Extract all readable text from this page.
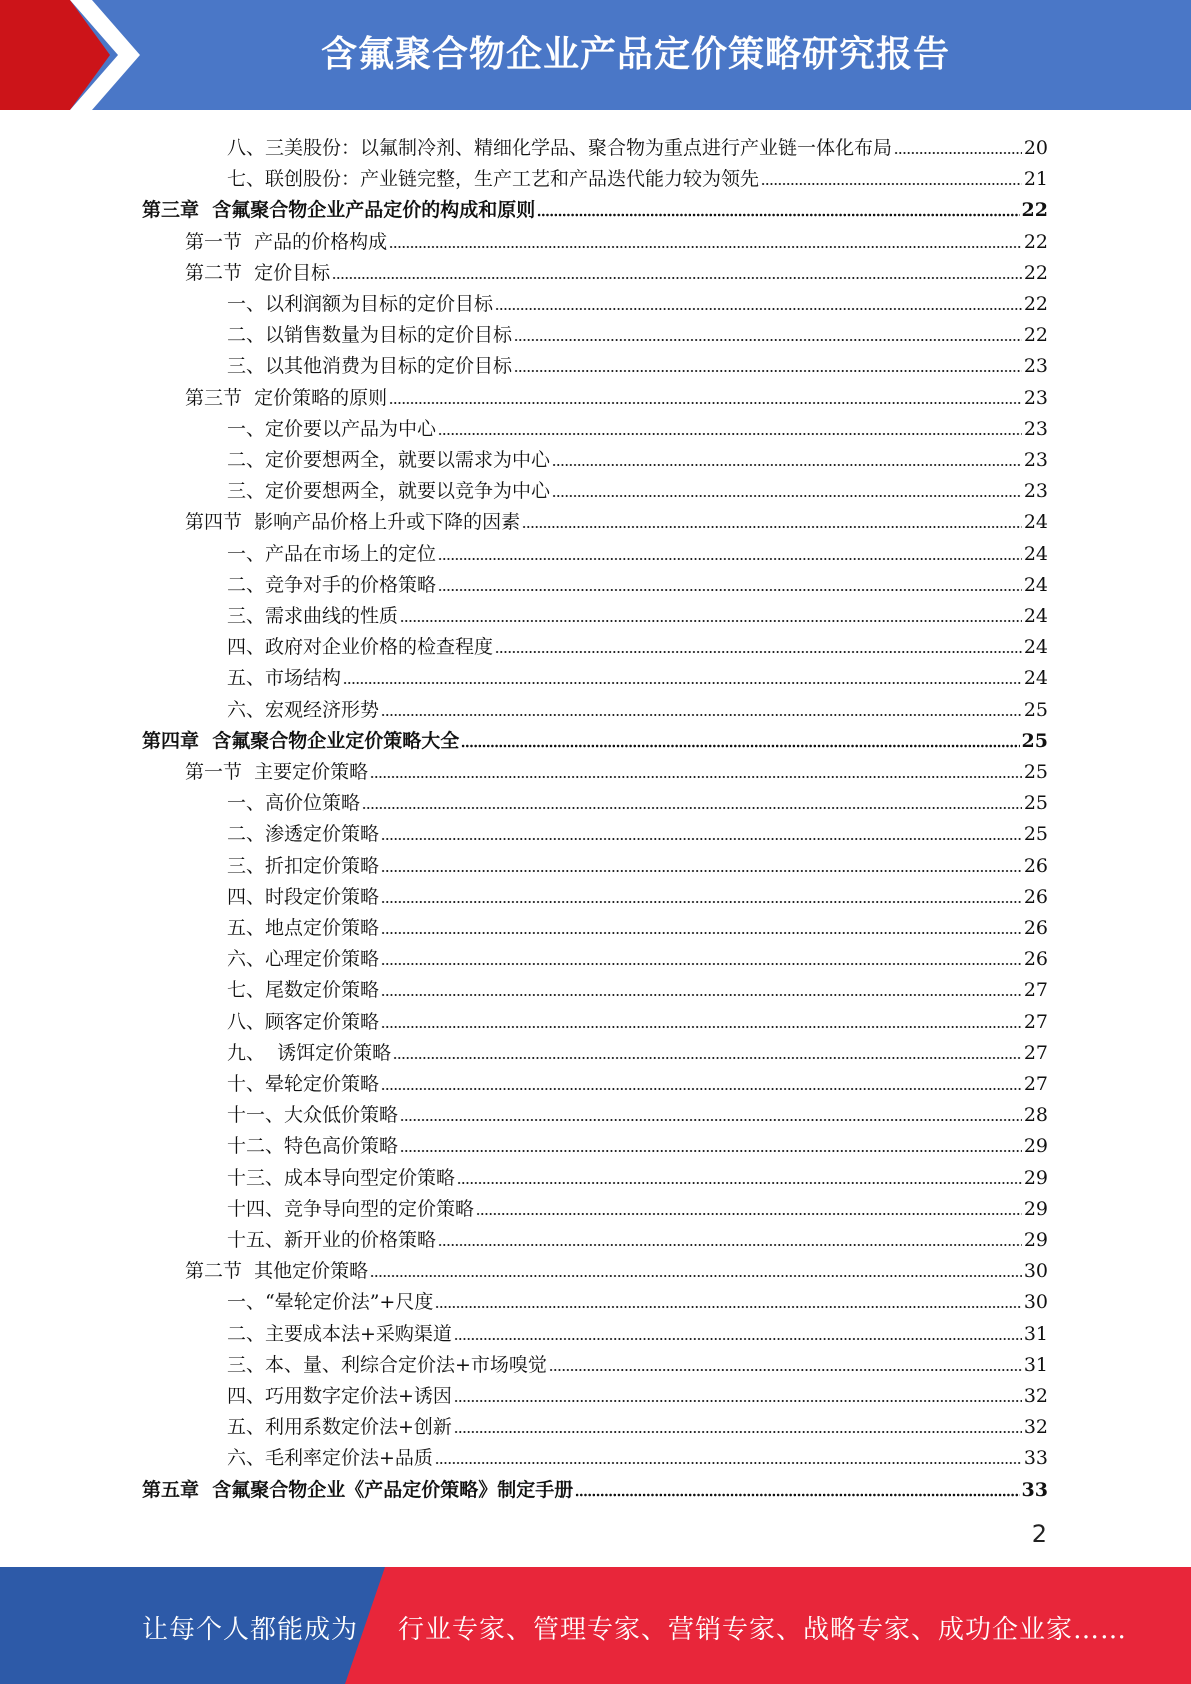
含氟聚合物企业产品定价策略研究报告
八、三美股份：以氟制冷剂、精细化学品、聚合物为重点进行产业链一体化布局	20
七、联创股份：产业链完整，生产工艺和产品迭代能力较为领先	21
第三章  含氟聚合物企业产品定价的构成和原则	22
第一节  产品的价格构成	22
第二节  定价目标	22
一、以利润额为目标的定价目标	22
二、以销售数量为目标的定价目标	22
三、以其他消费为目标的定价目标	23
第三节  定价策略的原则	23
一、定价要以产品为中心	23
二、定价要想两全，就要以需求为中心	23
三、定价要想两全，就要以竞争为中心	23
第四节  影响产品价格上升或下降的因素	24
一、产品在市场上的定位	24
二、竞争对手的价格策略	24
三、需求曲线的性质	24
四、政府对企业价格的检查程度	24
五、市场结构	24
六、宏观经济形势	25
第四章  含氟聚合物企业定价策略大全	25
第一节  主要定价策略	25
一、高价位策略	25
二、渗透定价策略	25
三、折扣定价策略	26
四、时段定价策略	26
五、地点定价策略	26
六、心理定价策略	26
七、尾数定价策略	27
八、顾客定价策略	27
九、  诱饵定价策略	27
十、晕轮定价策略	27
十一、大众低价策略	28
十二、特色高价策略	29
十三、成本导向型定价策略	29
十四、竞争导向型的定价策略	29
十五、新开业的价格策略	29
第二节  其他定价策略	30
一、“晕轮定价法”+尺度	30
二、主要成本法+采购渠道	31
三、本、量、利综合定价法+市场嗅觉	31
四、巧用数字定价法+诱因	32
五、利用系数定价法+创新	32
六、毛利率定价法+品质	33
第五章  含氟聚合物企业《产品定价策略》制定手册	33
2
让每个人都能成为 行业专家、管理专家、营销专家、战略专家、成功企业家……
